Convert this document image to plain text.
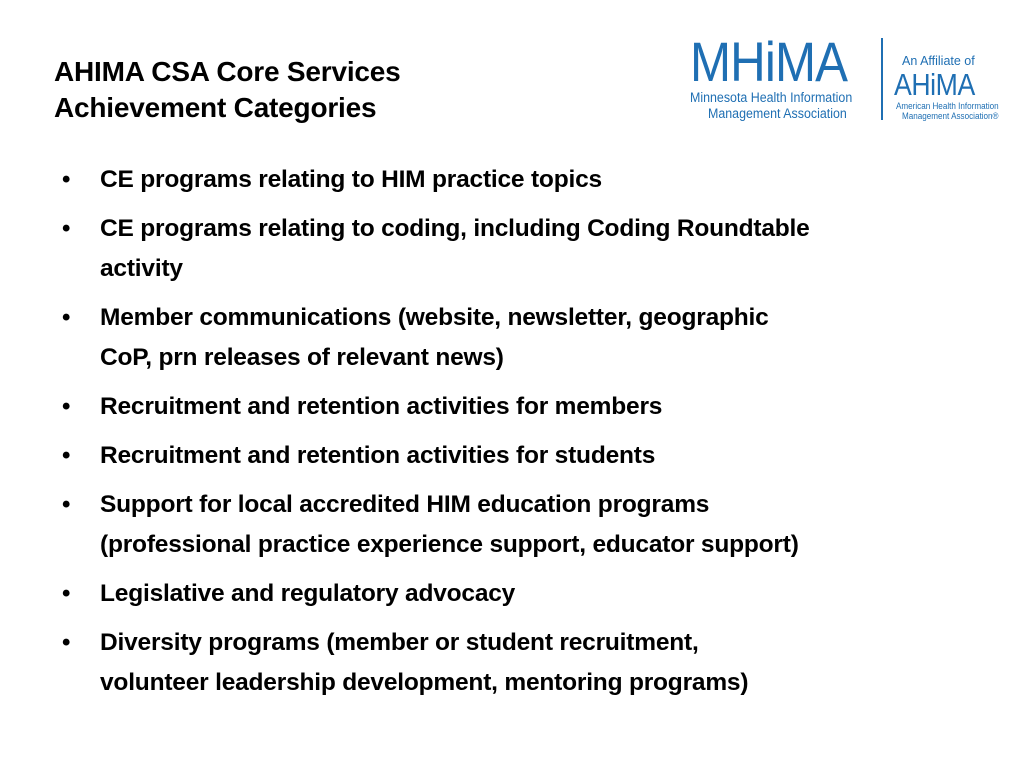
AHIMA CSA Core Services
Achievement Categories
MHiMA
Minnesota Health Information
Management Association
An Affiliate of
AHiMA
American Health Information
Management Association®
•	CE programs relating to HIM practice topics
•	CE programs relating to coding, including Coding Roundtable
activity
•	Member communications (website, newsletter, geographic
CoP, prn releases of relevant news)
•	Recruitment and retention activities for members
•	Recruitment and retention activities for students
•	Support for local accredited HIM education programs
(professional practice experience support, educator support)
•	Legislative and regulatory advocacy
•	Diversity programs (member or student recruitment,
volunteer leadership development, mentoring programs)
